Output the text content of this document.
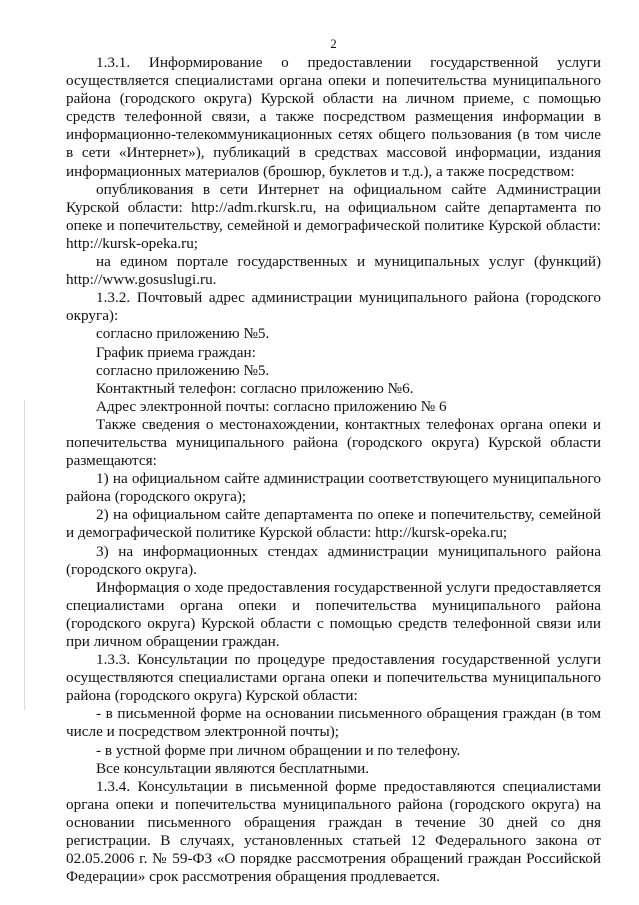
2

1.3.1. Информирование о предоставлении государственной услуги осуществляется специалистами органа опеки и попечительства муниципального района (городского округа) Курской области на личном приеме, с помощью средств телефонной связи, а также посредством размещения информации в информационно-телекоммуникационных сетях общего пользования (в том числе в сети «Интернет»), публикаций в средствах массовой информации, издания информационных материалов (брошюр, буклетов и т.д.), а также посредством:

опубликования в сети Интернет на официальном сайте Администрации Курской области: http://adm.rkursk.ru, на официальном сайте департамента по опеке и попечительству, семейной и демографической политике Курской области: http://kursk-opeka.ru;

на едином портале государственных и муниципальных услуг (функций) http://www.gosuslugi.ru.

1.3.2. Почтовый адрес администрации муниципального района (городского округа):

согласно приложению №5.

График приема граждан:

согласно приложению №5.

Контактный телефон: согласно приложению №6.

Адрес электронной почты: согласно приложению № 6

Также сведения о местонахождении, контактных телефонах органа опеки и попечительства муниципального района (городского округа) Курской области размещаются:

1) на официальном сайте администрации соответствующего муниципального района (городского округа);

2) на официальном сайте департамента по опеке и попечительству, семейной и демографической политике Курской области: http://kursk-opeka.ru;

3) на информационных стендах администрации муниципального района (городского округа).

Информация о ходе предоставления государственной услуги предоставляется специалистами органа опеки и попечительства муниципального района (городского округа) Курской области с помощью средств телефонной связи или при личном обращении граждан.

1.3.3. Консультации по процедуре предоставления государственной услуги осуществляются специалистами органа опеки и попечительства муниципального района (городского округа) Курской области:

- в письменной форме на основании письменного обращения граждан (в том числе и посредством электронной почты);

- в устной форме при личном обращении и по телефону.

Все консультации являются бесплатными.

1.3.4. Консультации в письменной форме предоставляются специалистами органа опеки и попечительства муниципального района (городского округа) на основании письменного обращения граждан в течение 30 дней со дня регистрации. В случаях, установленных статьей 12 Федерального закона от 02.05.2006 г. № 59-ФЗ «О порядке рассмотрения обращений граждан Российской Федерации» срок рассмотрения обращения продлевается.
